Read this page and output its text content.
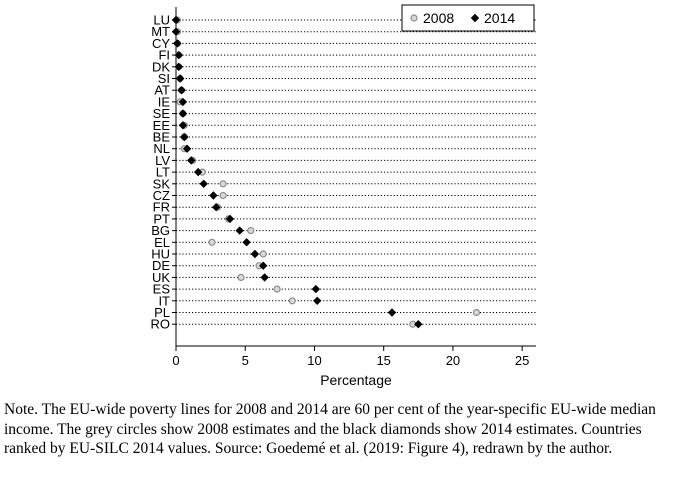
LU
MT
CY
FI
DK
SI
AT
IE
SE
EE
BE
NL
LV
LT
SK
CZ
FR
PT
BG
EL
HU
DE
UK
ES
IT
PL
RO
0	5	10	15	20	25
Percentage
2008 2014

Note. The EU-wide poverty lines for 2008 and 2014 are 60 per cent of the year-specific EU-wide median income. The grey circles show 2008 estimates and the black diamonds show 2014 estimates. Countries ranked by EU-SILC 2014 values. Source: Goedemé et al. (2019: Figure 4), redrawn by the author.
